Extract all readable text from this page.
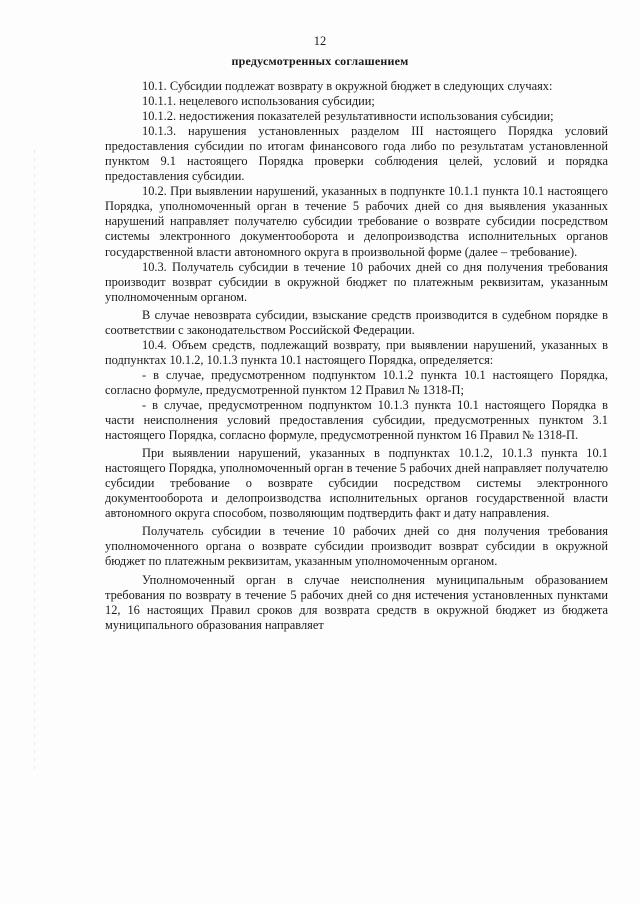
12
предусмотренных соглашением

10.1. Субсидии подлежат возврату в окружной бюджет в следующих случаях:

10.1.1. нецелевого использования субсидии;

10.1.2. недостижения показателей результативности использования субсидии;

10.1.3. нарушения установленных разделом III настоящего Порядка условий предоставления субсидии по итогам финансового года либо по результатам установленной пунктом 9.1 настоящего Порядка проверки соблюдения целей, условий и порядка предоставления субсидии.

10.2. При выявлении нарушений, указанных в подпункте 10.1.1 пункта 10.1 настоящего Порядка, уполномоченный орган в течение 5 рабочих дней со дня выявления указанных нарушений направляет получателю субсидии требование о возврате субсидии посредством системы электронного документооборота и делопроизводства исполнительных органов государственной власти автономного округа в произвольной форме (далее – требование).

10.3. Получатель субсидии в течение 10 рабочих дней со дня получения требования производит возврат субсидии в окружной бюджет по платежным реквизитам, указанным уполномоченным органом.

В случае невозврата субсидии, взыскание средств производится в судебном порядке в соответствии с законодательством Российской Федерации.

10.4. Объем средств, подлежащий возврату, при выявлении нарушений, указанных в подпунктах 10.1.2, 10.1.3 пункта 10.1 настоящего Порядка, определяется:

- в случае, предусмотренном подпунктом 10.1.2 пункта 10.1 настоящего Порядка, согласно формуле, предусмотренной пунктом 12 Правил № 1318-П;

- в случае, предусмотренном подпунктом 10.1.3 пункта 10.1 настоящего Порядка в части неисполнения условий предоставления субсидии, предусмотренных пунктом 3.1 настоящего Порядка, согласно формуле, предусмотренной пунктом 16 Правил № 1318-П.

При выявлении нарушений, указанных в подпунктах 10.1.2, 10.1.3 пункта 10.1 настоящего Порядка, уполномоченный орган в течение 5 рабочих дней направляет получателю субсидии требование о возврате субсидии посредством системы электронного документооборота и делопроизводства исполнительных органов государственной власти автономного округа способом, позволяющим подтвердить факт и дату направления.

Получатель субсидии в течение 10 рабочих дней со дня получения требования уполномоченного органа о возврате субсидии производит возврат субсидии в окружной бюджет по платежным реквизитам, указанным уполномоченным органом.

Уполномоченный орган в случае неисполнения муниципальным образованием требования по возврату в течение 5 рабочих дней со дня истечения установленных пунктами 12, 16 настоящих Правил сроков для возврата средств в окружной бюджет из бюджета муниципального образования направляет
